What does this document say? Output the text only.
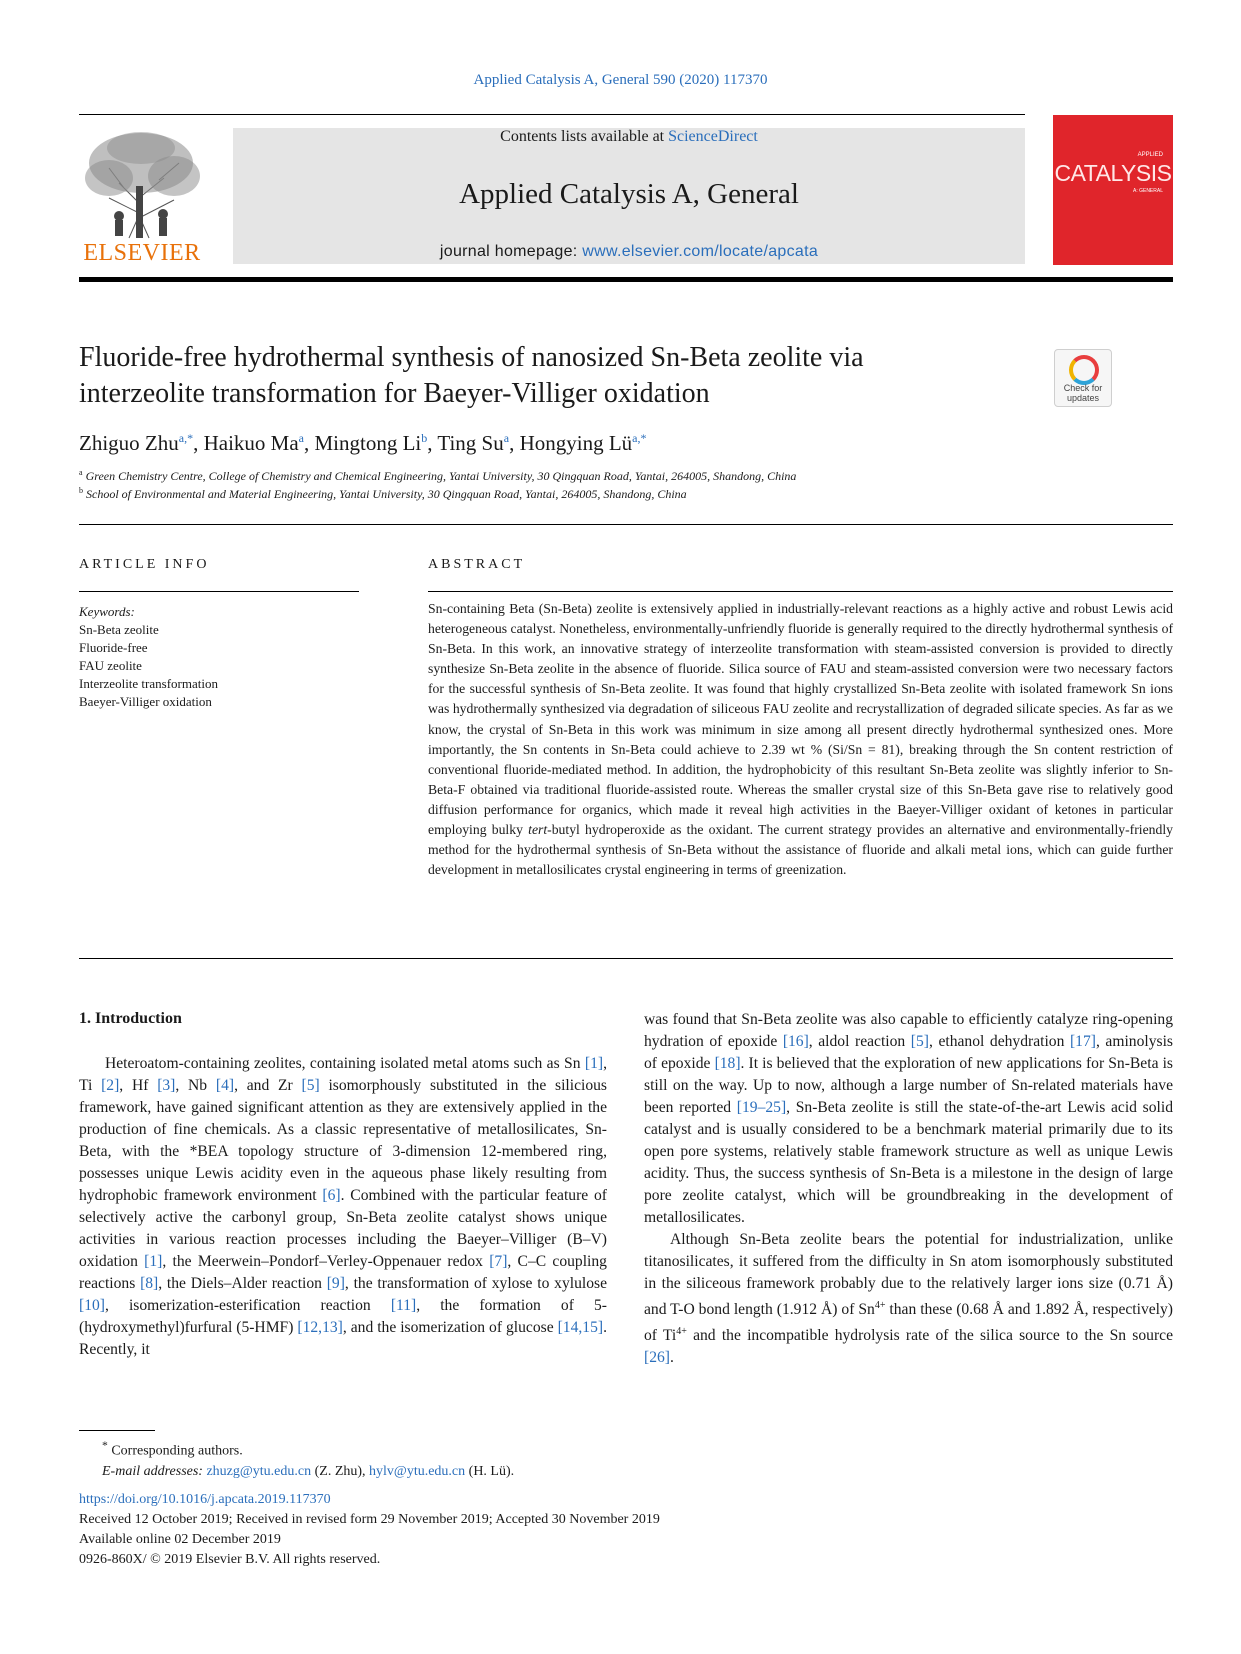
Applied Catalysis A, General 590 (2020) 117370
ELSEVIER
Contents lists available at ScienceDirect
Applied Catalysis A, General
journal homepage: www.elsevier.com/locate/apcata
APPLIED
CATALYSIS
A: GENERAL
Fluoride-free hydrothermal synthesis of nanosized Sn-Beta zeolite via
interzeolite transformation for Baeyer-Villiger oxidation	Check for
updates
Zhiguo Zhu$^{a,*}$, Haikuo Ma$^a$, Mingtong Li$^b$, Ting Su$^a$, Hongying $Lü^{a,*}$
$^a$ Green Chemistry Centre, College of Chemistry and Chemical Engineering, Yantai University, 30 Qingquan Road, Yantai, 264005, Shandong, China
$^b$ School of Environmental and Material Engineering, Yantai University, 30 Qingquan Road, Yantai, 264005, Shandong, China
ARTICLE INFO
Keywords:
Sn-Beta zeolite
Fluoride-free
FAU zeolite
Interzeolite transformation
Baeyer-Villiger oxidation
ABSTRACT
Sn-containing Beta (Sn-Beta) zeolite is extensively applied in industrially-relevant reactions as a highly active and robust Lewis acid heterogeneous catalyst. Nonetheless, environmentally-unfriendly fluoride is generally required to the directly hydrothermal synthesis of Sn-Beta. In this work, an innovative strategy of interzeolite transformation with steam-assisted conversion is provided to directly synthesize Sn-Beta zeolite in the absence of fluoride. Silica source of FAU and steam-assisted conversion were two necessary factors for the successful synthesis of Sn-Beta zeolite. It was found that highly crystallized Sn-Beta zeolite with isolated framework Sn ions was hydrothermally synthesized via degradation of siliceous FAU zeolite and recrystallization of degraded silicate species. As far as we know, the crystal of Sn-Beta in this work was minimum in size among all present directly hydrothermal synthesized ones. More importantly, the Sn contents in Sn-Beta could achieve to 2.39 wt % (Si/Sn = 81), breaking through the Sn content restriction of conventional fluoride-mediated method. In addition, the hydrophobicity of this resultant Sn-Beta zeolite was slightly inferior to Sn-Beta-F obtained via traditional fluoride-assisted route. Whereas the smaller crystal size of this Sn-Beta gave rise to relatively good diffusion performance for organics, which made it reveal high activities in the Baeyer-Villiger oxidant of ketones in particular employing bulky tert-butyl hydroperoxide as the oxidant. The current strategy provides an alternative and environmentally-friendly method for the hydrothermal synthesis of Sn-Beta without the assistance of fluoride and alkali metal ions, which can guide further development in metallosilicates crystal engineering in terms of greenization.
1. Introduction

Heteroatom-containing zeolites, containing isolated metal atoms such as Sn [1], Ti [2], Hf [3], Nb [4], and Zr [5] isomorphously substituted in the silicious framework, have gained significant attention as they are extensively applied in the production of fine chemicals. As a classic representative of metallosilicates, Sn-Beta, with the *BEA topology structure of 3-dimension 12-membered ring, possesses unique Lewis acidity even in the aqueous phase likely resulting from hydrophobic framework environment [6]. Combined with the particular feature of selectively active the carbonyl group, Sn-Beta zeolite catalyst shows unique activities in various reaction processes including the Baeyer–Villiger (B–V) oxidation [1], the Meerwein–Pondorf–Verley-Oppenauer redox [7], C–C coupling reactions [8], the Diels–Alder reaction [9], the transformation of xylose to xylulose [10], isomerization-esterification reaction [11], the formation of 5-(hydroxymethyl)furfural (5-HMF) [12,13], and the isomerization of glucose [14,15]. Recently, it

was found that Sn-Beta zeolite was also capable to efficiently catalyze ring-opening hydration of epoxide [16], aldol reaction [5], ethanol dehydration [17], aminolysis of epoxide [18]. It is believed that the exploration of new applications for Sn-Beta is still on the way. Up to now, although a large number of Sn-related materials have been reported [19–25], Sn-Beta zeolite is still the state-of-the-art Lewis acid solid catalyst and is usually considered to be a benchmark material primarily due to its open pore systems, relatively stable framework structure as well as unique Lewis acidity. Thus, the success synthesis of Sn-Beta is a milestone in the design of large pore zeolite catalyst, which will be groundbreaking in the development of metallosilicates.

Although Sn-Beta zeolite bears the potential for industrialization, unlike titanosilicates, it suffered from the difficulty in Sn atom isomorphously substituted in the siliceous framework probably due to the relatively larger ions size (0.71 Å) and T-O bond length (1.912 Å) of $Sn^{4+}$ than these (0.68 Å and 1.892 Å, respectively) of $Ti^{4+}$ and the incompatible hydrolysis rate of the silica source to the Sn source [26].

* Corresponding authors.
E-mail addresses: zhuzg@ytu.edu.cn (Z. Zhu), hylv@ytu.edu.cn (H. Lü).
https://doi.org/10.1016/j.apcata.2019.117370
Received 12 October 2019; Received in revised form 29 November 2019; Accepted 30 November 2019
Available online 02 December 2019
0926-860X/ © 2019 Elsevier B.V. All rights reserved.
